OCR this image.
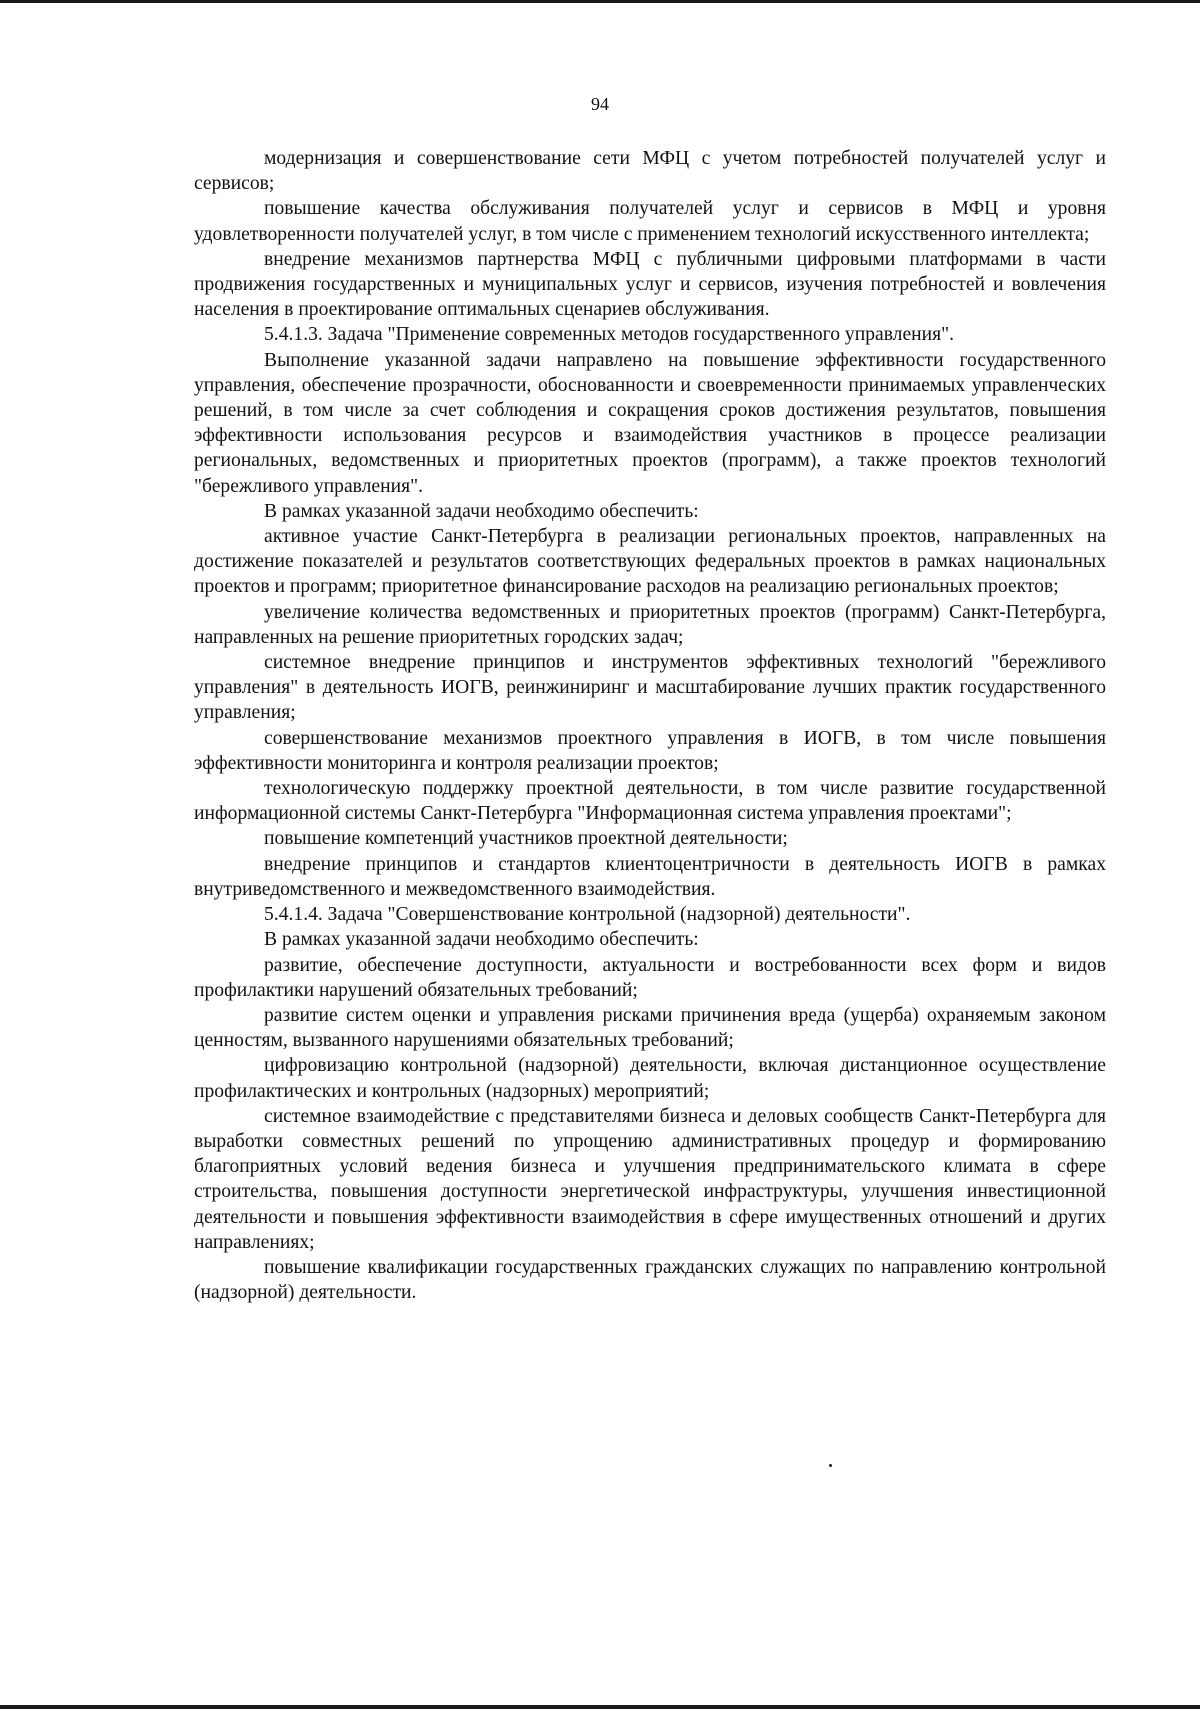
94

модернизация и совершенствование сети МФЦ с учетом потребностей получателей услуг и сервисов;

повышение качества обслуживания получателей услуг и сервисов в МФЦ и уровня удовлетворенности получателей услуг, в том числе с применением технологий искусственного интеллекта;

внедрение механизмов партнерства МФЦ с публичными цифровыми платформами в части продвижения государственных и муниципальных услуг и сервисов, изучения потребностей и вовлечения населения в проектирование оптимальных сценариев обслуживания.

5.4.1.3. Задача "Применение современных методов государственного управления".

Выполнение указанной задачи направлено на повышение эффективности государственного управления, обеспечение прозрачности, обоснованности и своевременности принимаемых управленческих решений, в том числе за счет соблюдения и сокращения сроков достижения результатов, повышения эффективности использования ресурсов и взаимодействия участников в процессе реализации региональных, ведомственных и приоритетных проектов (программ), а также проектов технологий "бережливого управления".

В рамках указанной задачи необходимо обеспечить:

активное участие Санкт-Петербурга в реализации региональных проектов, направленных на достижение показателей и результатов соответствующих федеральных проектов в рамках национальных проектов и программ; приоритетное финансирование расходов на реализацию региональных проектов;

увеличение количества ведомственных и приоритетных проектов (программ) Санкт-Петербурга, направленных на решение приоритетных городских задач;

системное внедрение принципов и инструментов эффективных технологий "бережливого управления" в деятельность ИОГВ, реинжиниринг и масштабирование лучших практик государственного управления;

совершенствование механизмов проектного управления в ИОГВ, в том числе повышения эффективности мониторинга и контроля реализации проектов;

технологическую поддержку проектной деятельности, в том числе развитие государственной информационной системы Санкт-Петербурга "Информационная система управления проектами";

повышение компетенций участников проектной деятельности;

внедрение принципов и стандартов клиентоцентричности в деятельность ИОГВ в рамках внутриведомственного и межведомственного взаимодействия.

5.4.1.4. Задача "Совершенствование контрольной (надзорной) деятельности".

В рамках указанной задачи необходимо обеспечить:

развитие, обеспечение доступности, актуальности и востребованности всех форм и видов профилактики нарушений обязательных требований;

развитие систем оценки и управления рисками причинения вреда (ущерба) охраняемым законом ценностям, вызванного нарушениями обязательных требований;

цифровизацию контрольной (надзорной) деятельности, включая дистанционное осуществление профилактических и контрольных (надзорных) мероприятий;

системное взаимодействие с представителями бизнеса и деловых сообществ Санкт-Петербурга для выработки совместных решений по упрощению административных процедур и формированию благоприятных условий ведения бизнеса и улучшения предпринимательского климата в сфере строительства, повышения доступности энергетической инфраструктуры, улучшения инвестиционной деятельности и повышения эффективности взаимодействия в сфере имущественных отношений и других направлениях;

повышение квалификации государственных гражданских служащих по направлению контрольной (надзорной) деятельности.
